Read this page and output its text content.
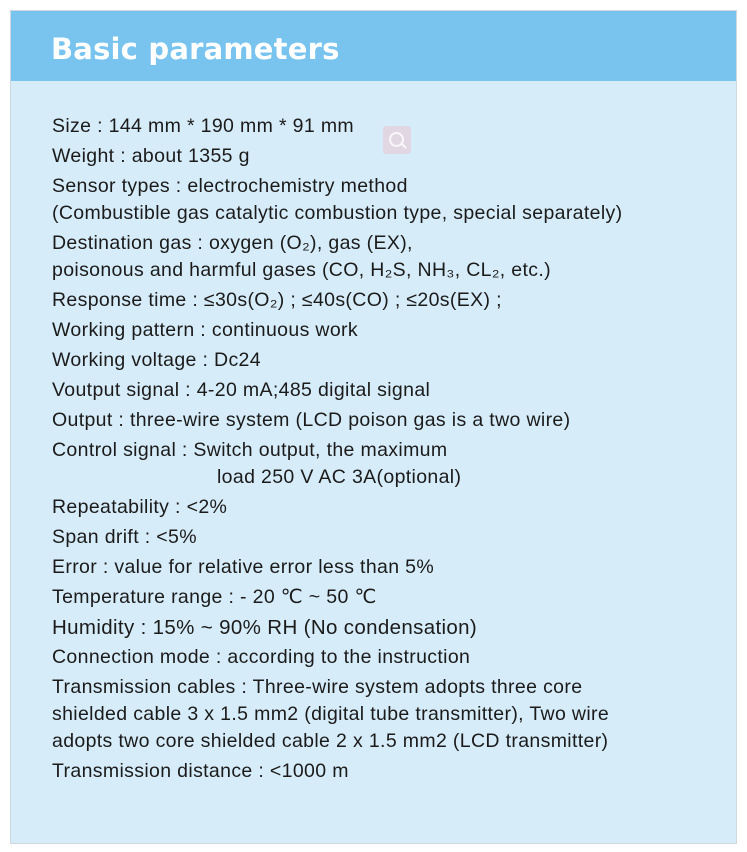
Basic parameters
Size : 144 mm * 190 mm * 91 mm
Weight : about 1355 g
Sensor types : electrochemistry method
(Combustible gas catalytic combustion type, special separately)
Destination gas : oxygen (O₂), gas (EX),
poisonous and harmful gases (CO, H₂S, NH₃, CL₂, etc.)
Response time : ≤30s(O₂) ; ≤40s(CO) ; ≤20s(EX) ;
Working pattern : continuous work
Working voltage : Dc24
Voutput signal : 4-20 mA;485 digital signal
Output : three-wire system (LCD poison gas is a two wire)
Control signal : Switch output, the maximum
load 250 V AC 3A(optional)
Repeatability : <2%
Span drift : <5%
Error : value for relative error less than 5%
Temperature range : - 20 ℃ ~ 50 ℃
Humidity : 15% ~ 90% RH (No condensation)
Connection mode : according to the instruction
Transmission cables : Three-wire system adopts three core
shielded cable 3 x 1.5 mm2 (digital tube transmitter), Two wire
adopts two core shielded cable 2 x 1.5 mm2 (LCD transmitter)
Transmission distance : <1000 m
